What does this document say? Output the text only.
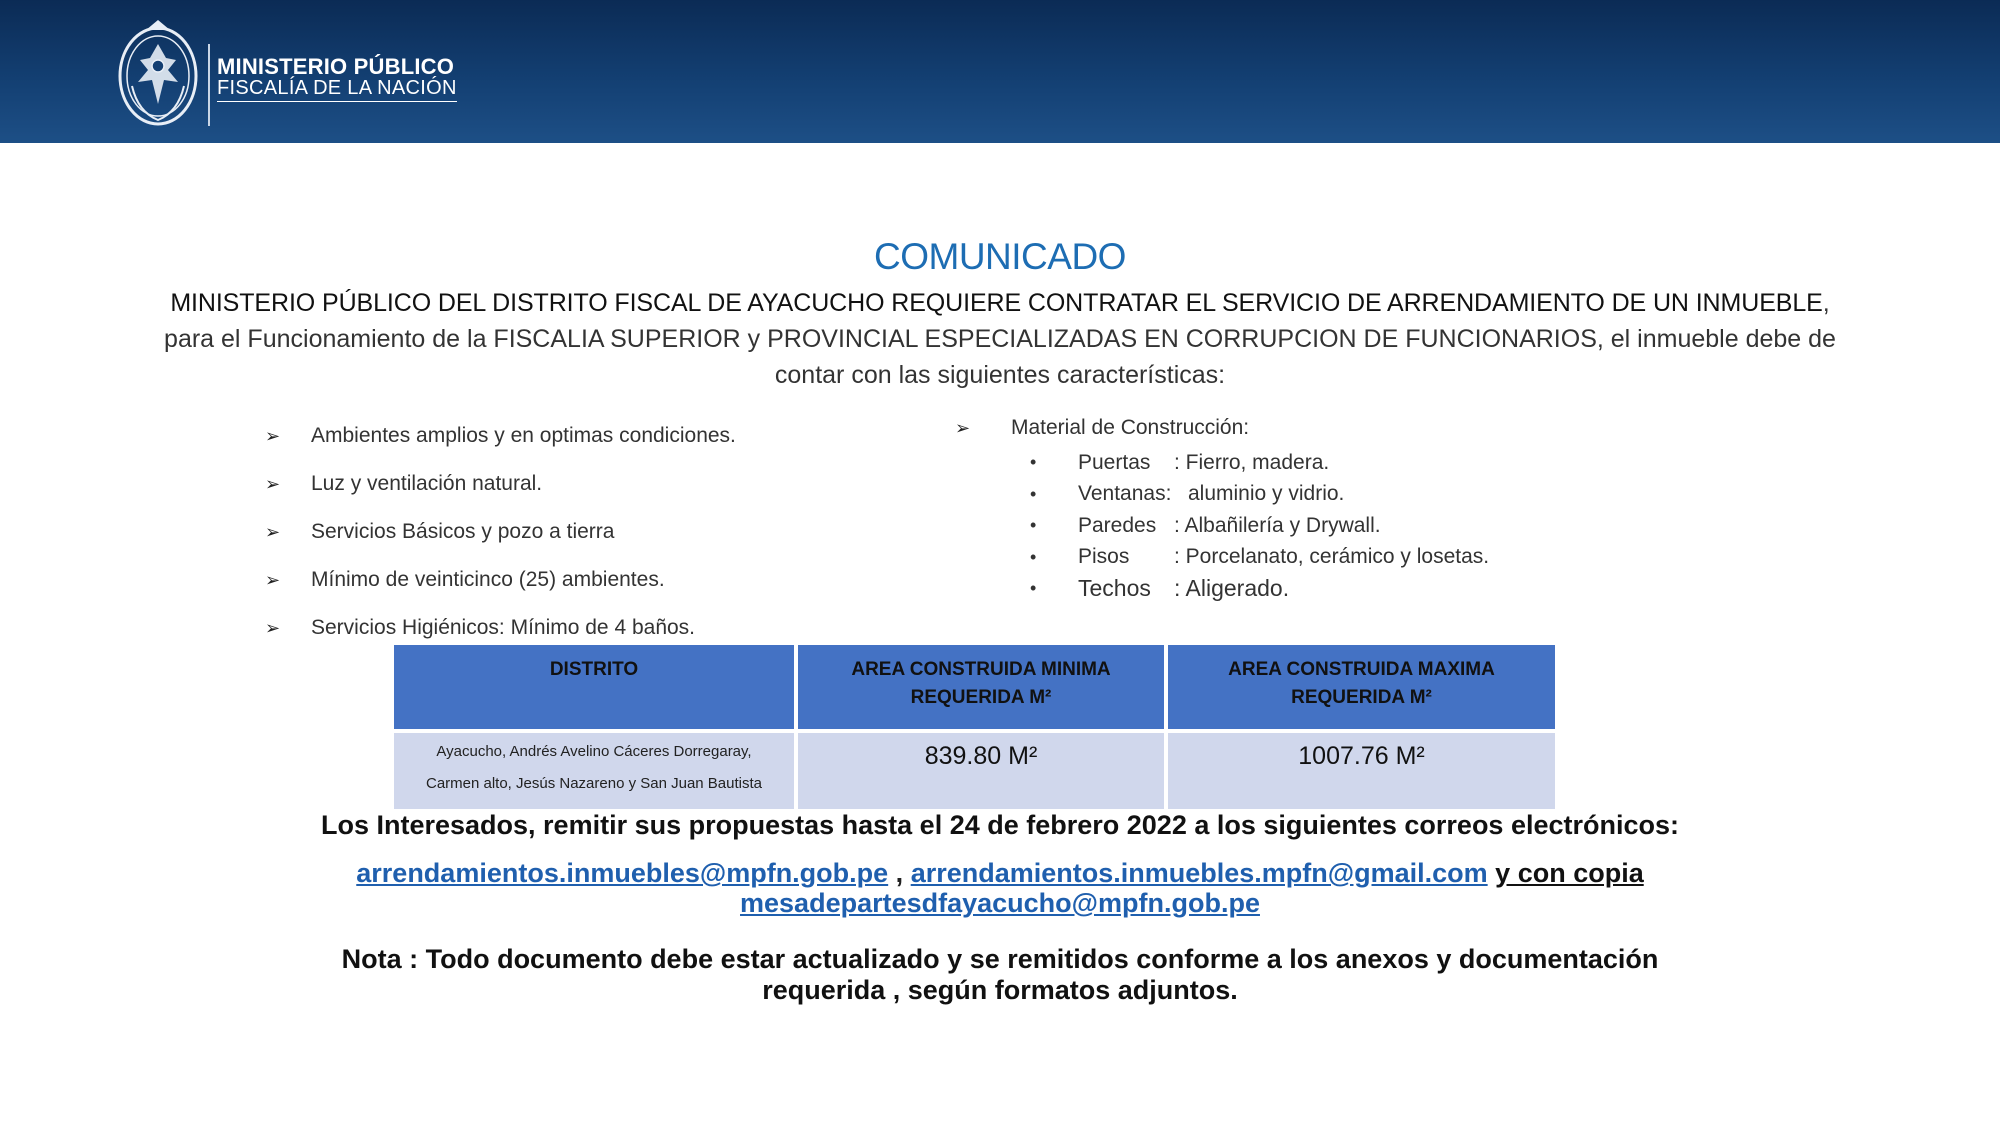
MINISTERIO PÚBLICO
FISCALÍA DE LA NACIÓN
COMUNICADO
MINISTERIO PÚBLICO DEL DISTRITO FISCAL DE AYACUCHO REQUIERE CONTRATAR EL SERVICIO DE ARRENDAMIENTO DE UN INMUEBLE, para el Funcionamiento de la FISCALIA SUPERIOR y PROVINCIAL ESPECIALIZADAS EN CORRUPCION DE FUNCIONARIOS, el inmueble debe de contar con las siguientes características:
➢	Ambientes amplios y en optimas condiciones.
➢	Luz y ventilación natural.
➢	Servicios Básicos y pozo a tierra
➢	Mínimo de veinticinco (25) ambientes.
➢	Servicios Higiénicos: Mínimo de 4 baños.
➢	Material de Construcción:
•	Puertas	: Fierro, madera.
•	Ventanas: aluminio y vidrio.
•	Paredes : Albañilería y Drywall.
•	Pisos	: Porcelanato, cerámico y losetas.
•	Techos	: Aligerado.
DISTRITO	AREA CONSTRUIDA MINIMA REQUERIDA M²	AREA CONSTRUIDA MAXIMA REQUERIDA M²

Ayacucho, Andrés Avelino Cáceres Dorregaray,
Carmen alto, Jesús Nazareno y San Juan Bautista	839.80 M²	1007.76 M²
Los Interesados, remitir sus propuestas hasta el 24 de febrero 2022 a los siguientes correos electrónicos:
arrendamientos.inmuebles@mpfn.gob.pe , arrendamientos.inmuebles.mpfn@gmail.com y con copia
mesadepartesdfayacucho@mpfn.gob.pe
Nota : Todo documento debe estar actualizado y se remitidos conforme a los anexos y documentación requerida , según formatos adjuntos.
